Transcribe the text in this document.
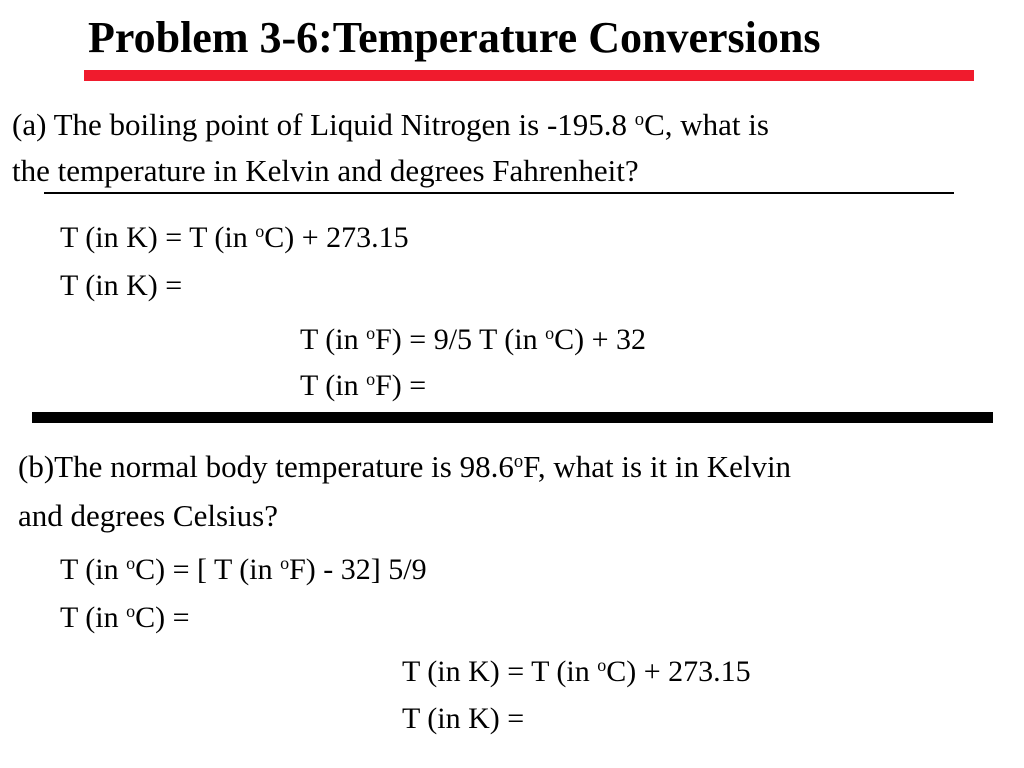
Problem 3-6:Temperature Conversions
(a) The boiling point of Liquid Nitrogen is -195.8 $^o$C, what is
the temperature in Kelvin and degrees Fahrenheit?
T (in K) = T (in $^o$C) + 273.15
T (in K) =
T (in $^o$F) = 9/5 T (in $^o$C) + 32
T (in $^o$F) =
(b)The normal body temperature is 98.6$^o$F, what is it in Kelvin
and degrees Celsius?
T (in $^o$C) = [ T (in $^o$F) - 32] 5/9
T (in $^o$C) =
T (in K) = T (in $^o$C) + 273.15
T (in K) =
